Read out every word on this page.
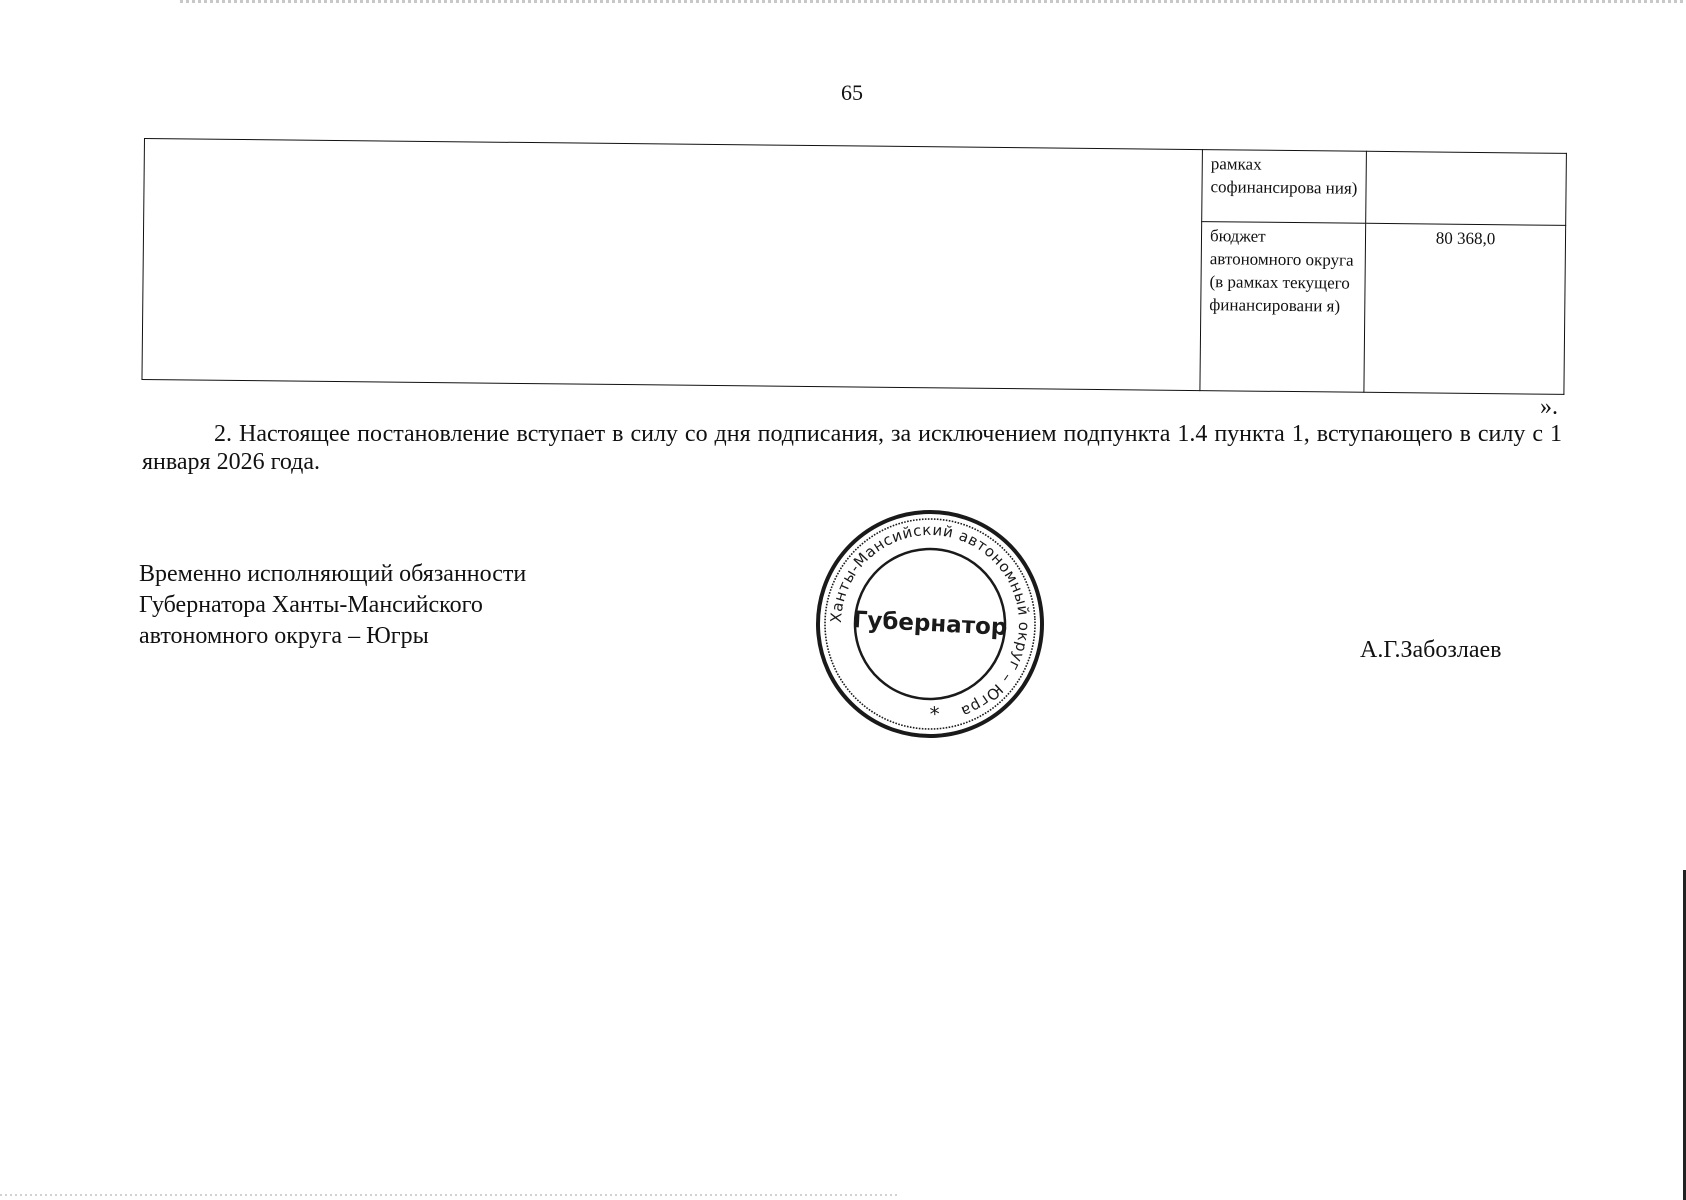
65
	рамках софинансирова ния)	
	бюджет автономного округа (в рамках текущего финансировани я)	80 368,0
».

2. Настоящее постановление вступает в силу со дня подписания, за исключением подпункта 1.4 пункта 1, вступающего в силу с 1 января 2026 года.

Временно исполняющий обязанности
Губернатора Ханты-Мансийского
автономного округа – Югры
Ханты-Мансийский автономный округ – Югра
Губернатор
*
А.Г.Забозлаев
